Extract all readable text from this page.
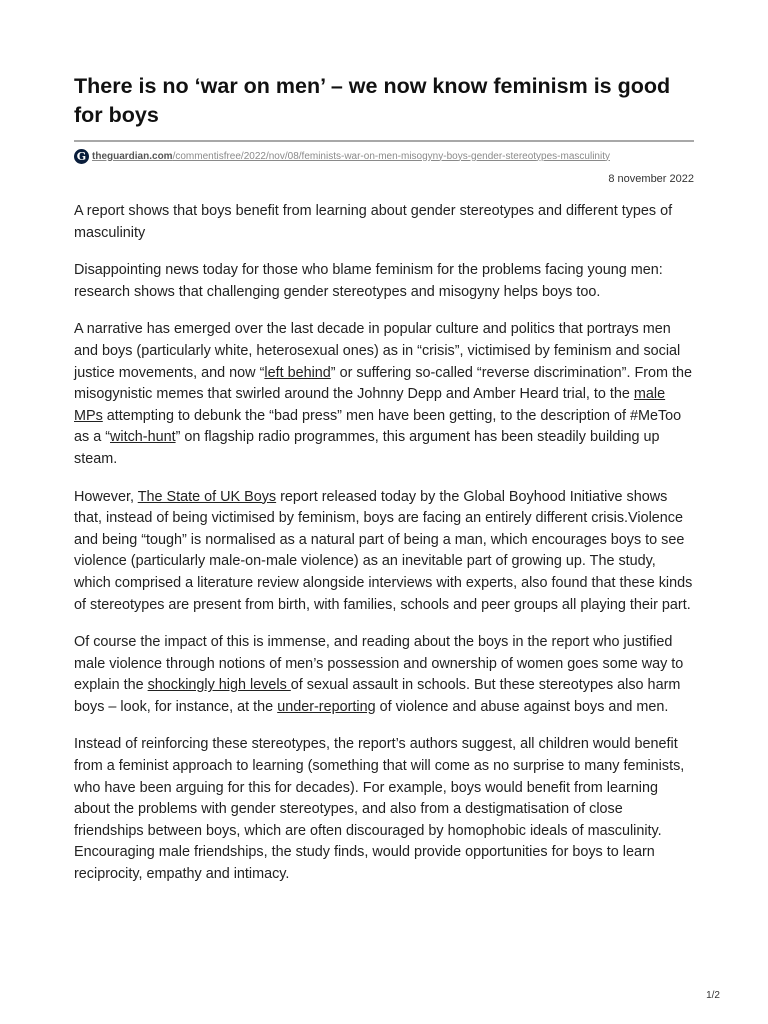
There is no ‘war on men’ – we now know feminism is good for boys
G theguardian.com/commentisfree/2022/nov/08/feminists-war-on-men-misogyny-boys-gender-stereotypes-masculinity
8 november 2022

A report shows that boys benefit from learning about gender stereotypes and different types of masculinity

Disappointing news today for those who blame feminism for the problems facing young men: research shows that challenging gender stereotypes and misogyny helps boys too.

A narrative has emerged over the last decade in popular culture and politics that portrays men and boys (particularly white, heterosexual ones) as in “crisis”, victimised by feminism and social justice movements, and now “left behind” or suffering so-called “reverse discrimination”. From the misogynistic memes that swirled around the Johnny Depp and Amber Heard trial, to the male MPs attempting to debunk the “bad press” men have been getting, to the description of #MeToo as a “witch-hunt” on flagship radio programmes, this argument has been steadily building up steam.

However, The State of UK Boys report released today by the Global Boyhood Initiative shows that, instead of being victimised by feminism, boys are facing an entirely different crisis.Violence and being “tough” is normalised as a natural part of being a man, which encourages boys to see violence (particularly male-on-male violence) as an inevitable part of growing up. The study, which comprised a literature review alongside interviews with experts, also found that these kinds of stereotypes are present from birth, with families, schools and peer groups all playing their part.

Of course the impact of this is immense, and reading about the boys in the report who justified male violence through notions of men’s possession and ownership of women goes some way to explain the shockingly high levels of sexual assault in schools. But these stereotypes also harm boys – look, for instance, at the under-reporting of violence and abuse against boys and men.

Instead of reinforcing these stereotypes, the report’s authors suggest, all children would benefit from a feminist approach to learning (something that will come as no surprise to many feminists, who have been arguing for this for decades). For example, boys would benefit from learning about the problems with gender stereotypes, and also from a destigmatisation of close friendships between boys, which are often discouraged by homophobic ideals of masculinity. Encouraging male friendships, the study finds, would provide opportunities for boys to learn reciprocity, empathy and intimacy.

1/2
